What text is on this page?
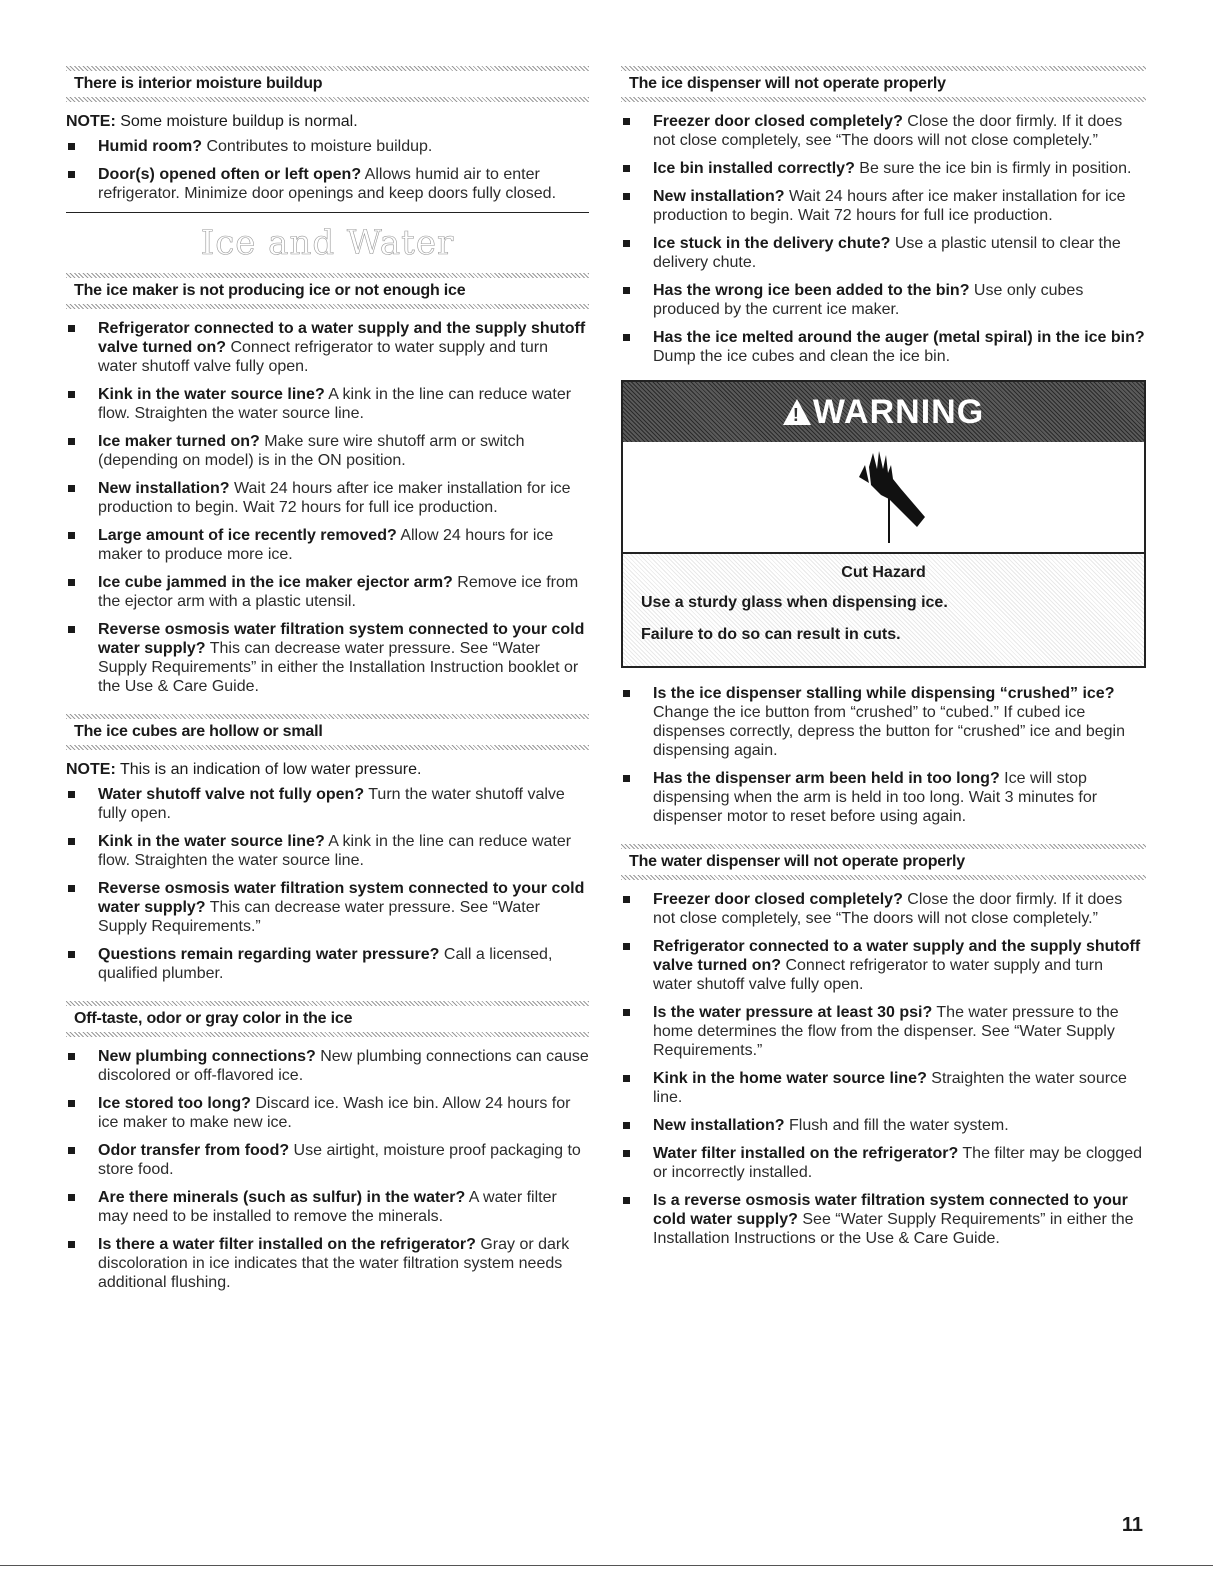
There is interior moisture buildup
NOTE: Some moisture buildup is normal.
Humid room? Contributes to moisture buildup.
Door(s) opened often or left open? Allows humid air to enter refrigerator. Minimize door openings and keep doors fully closed.
Ice and Water
The ice maker is not producing ice or not enough ice
Refrigerator connected to a water supply and the supply shutoff valve turned on? Connect refrigerator to water supply and turn water shutoff valve fully open.
Kink in the water source line? A kink in the line can reduce water flow. Straighten the water source line.
Ice maker turned on? Make sure wire shutoff arm or switch (depending on model) is in the ON position.
New installation? Wait 24 hours after ice maker installation for ice production to begin. Wait 72 hours for full ice production.
Large amount of ice recently removed? Allow 24 hours for ice maker to produce more ice.
Ice cube jammed in the ice maker ejector arm? Remove ice from the ejector arm with a plastic utensil.
Reverse osmosis water filtration system connected to your cold water supply? This can decrease water pressure. See “Water Supply Requirements” in either the Installation Instruction booklet or the Use & Care Guide.
The ice cubes are hollow or small
NOTE: This is an indication of low water pressure.
Water shutoff valve not fully open? Turn the water shutoff valve fully open.
Kink in the water source line? A kink in the line can reduce water flow. Straighten the water source line.
Reverse osmosis water filtration system connected to your cold water supply? This can decrease water pressure. See “Water Supply Requirements.”
Questions remain regarding water pressure? Call a licensed, qualified plumber.
Off-taste, odor or gray color in the ice
New plumbing connections? New plumbing connections can cause discolored or off-flavored ice.
Ice stored too long? Discard ice. Wash ice bin. Allow 24 hours for ice maker to make new ice.
Odor transfer from food? Use airtight, moisture proof packaging to store food.
Are there minerals (such as sulfur) in the water? A water filter may need to be installed to remove the minerals.
Is there a water filter installed on the refrigerator? Gray or dark discoloration in ice indicates that the water filtration system needs additional flushing.
The ice dispenser will not operate properly
Freezer door closed completely? Close the door firmly. If it does not close completely, see “The doors will not close completely.”
Ice bin installed correctly? Be sure the ice bin is firmly in position.
New installation? Wait 24 hours after ice maker installation for ice production to begin. Wait 72 hours for full ice production.
Ice stuck in the delivery chute? Use a plastic utensil to clear the delivery chute.
Has the wrong ice been added to the bin? Use only cubes produced by the current ice maker.
Has the ice melted around the auger (metal spiral) in the ice bin? Dump the ice cubes and clean the ice bin.
! WARNING
Cut Hazard
Use a sturdy glass when dispensing ice.
Failure to do so can result in cuts.
Is the ice dispenser stalling while dispensing “crushed” ice? Change the ice button from “crushed” to “cubed.” If cubed ice dispenses correctly, depress the button for “crushed” ice and begin dispensing again.
Has the dispenser arm been held in too long? Ice will stop dispensing when the arm is held in too long. Wait 3 minutes for dispenser motor to reset before using again.
The water dispenser will not operate properly
Freezer door closed completely? Close the door firmly. If it does not close completely, see “The doors will not close completely.”
Refrigerator connected to a water supply and the supply shutoff valve turned on? Connect refrigerator to water supply and turn water shutoff valve fully open.
Is the water pressure at least 30 psi? The water pressure to the home determines the flow from the dispenser. See “Water Supply Requirements.”
Kink in the home water source line? Straighten the water source line.
New installation? Flush and fill the water system.
Water filter installed on the refrigerator? The filter may be clogged or incorrectly installed.
Is a reverse osmosis water filtration system connected to your cold water supply? See “Water Supply Requirements” in either the Installation Instructions or the Use & Care Guide.
11
